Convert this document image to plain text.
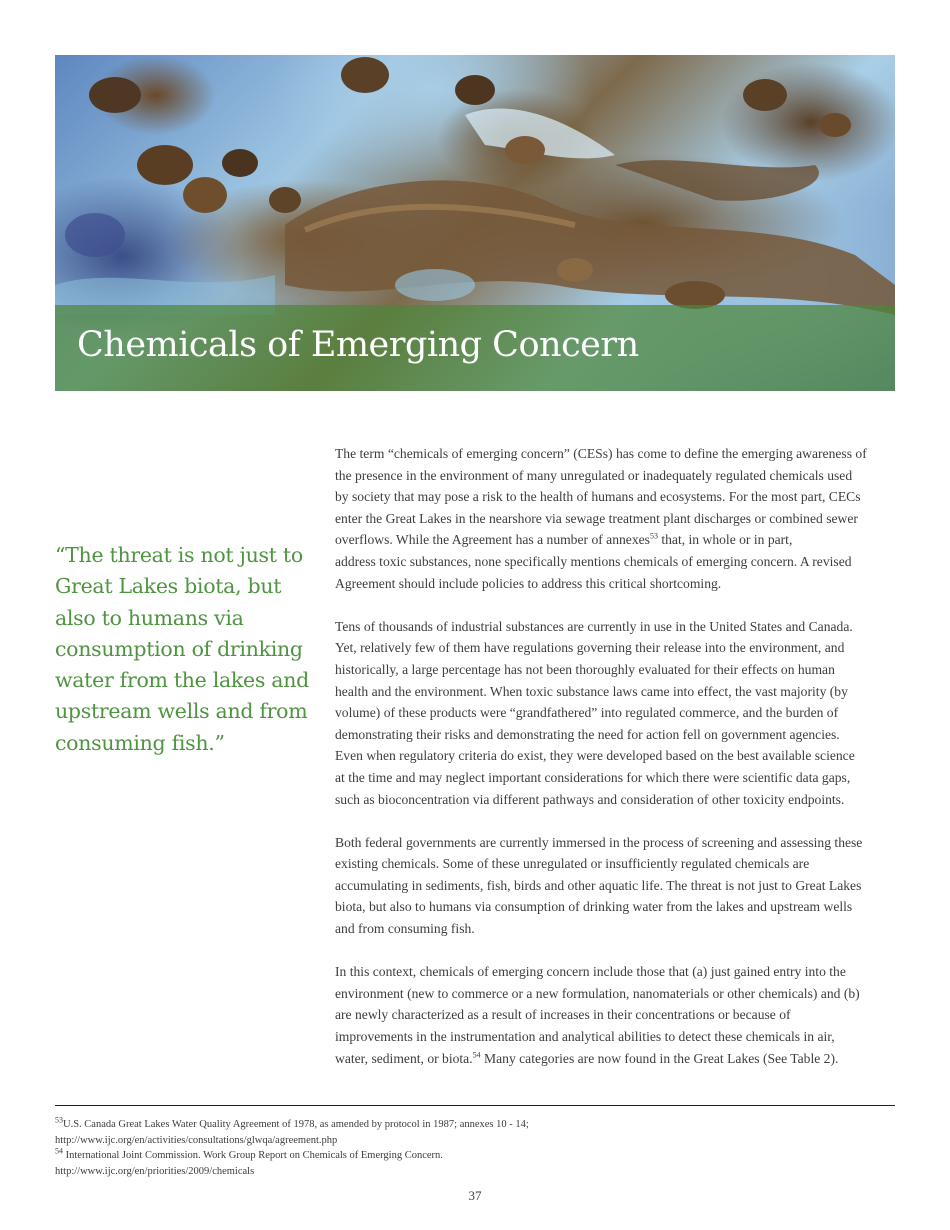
Chemicals of Emerging Concern

“The threat is not just to Great Lakes biota, but also to humans via consumption of drinking water from the lakes and upstream wells and from consuming fish.”

The term “chemicals of emerging concern” (CESs) has come to define the emerging awareness of
the presence in the environment of many unregulated or inadequately regulated chemicals used
by society that may pose a risk to the health of humans and ecosystems. For the most part, CECs
enter the Great Lakes in the nearshore via sewage treatment plant discharges or combined sewer
overflows. While the Agreement has a number of annexes$^{53}$ that, in whole or in part,
address toxic substances, none specifically mentions chemicals of emerging concern. A revised
Agreement should include policies to address this critical shortcoming.

Tens of thousands of industrial substances are currently in use in the United States and Canada.
Yet, relatively few of them have regulations governing their release into the environment, and
historically, a large percentage has not been thoroughly evaluated for their effects on human
health and the environment. When toxic substance laws came into effect, the vast majority (by
volume) of these products were “grandfathered” into regulated commerce, and the burden of
demonstrating their risks and demonstrating the need for action fell on government agencies.
Even when regulatory criteria do exist, they were developed based on the best available science
at the time and may neglect important considerations for which there were scientific data gaps,
such as bioconcentration via different pathways and consideration of other toxicity endpoints.

Both federal governments are currently immersed in the process of screening and assessing these
existing chemicals. Some of these unregulated or insufficiently regulated chemicals are
accumulating in sediments, fish, birds and other aquatic life. The threat is not just to Great Lakes
biota, but also to humans via consumption of drinking water from the lakes and upstream wells
and from consuming fish.

In this context, chemicals of emerging concern include those that (a) just gained entry into the
environment (new to commerce or a new formulation, nanomaterials or other chemicals) and (b)
are newly characterized as a result of increases in their concentrations or because of
improvements in the instrumentation and analytical abilities to detect these chemicals in air,
water, sediment, or biota.$^{54}$ Many categories are now found in the Great Lakes (See Table 2).

$^{53}$U.S. Canada Great Lakes Water Quality Agreement of 1978, as amended by protocol in 1987; annexes 10 - 14;
http://www.ijc.org/en/activities/consultations/glwqa/agreement.php
$^{54}$ International Joint Commission. Work Group Report on Chemicals of Emerging Concern.
http://www.ijc.org/en/priorities/2009/chemicals
37
